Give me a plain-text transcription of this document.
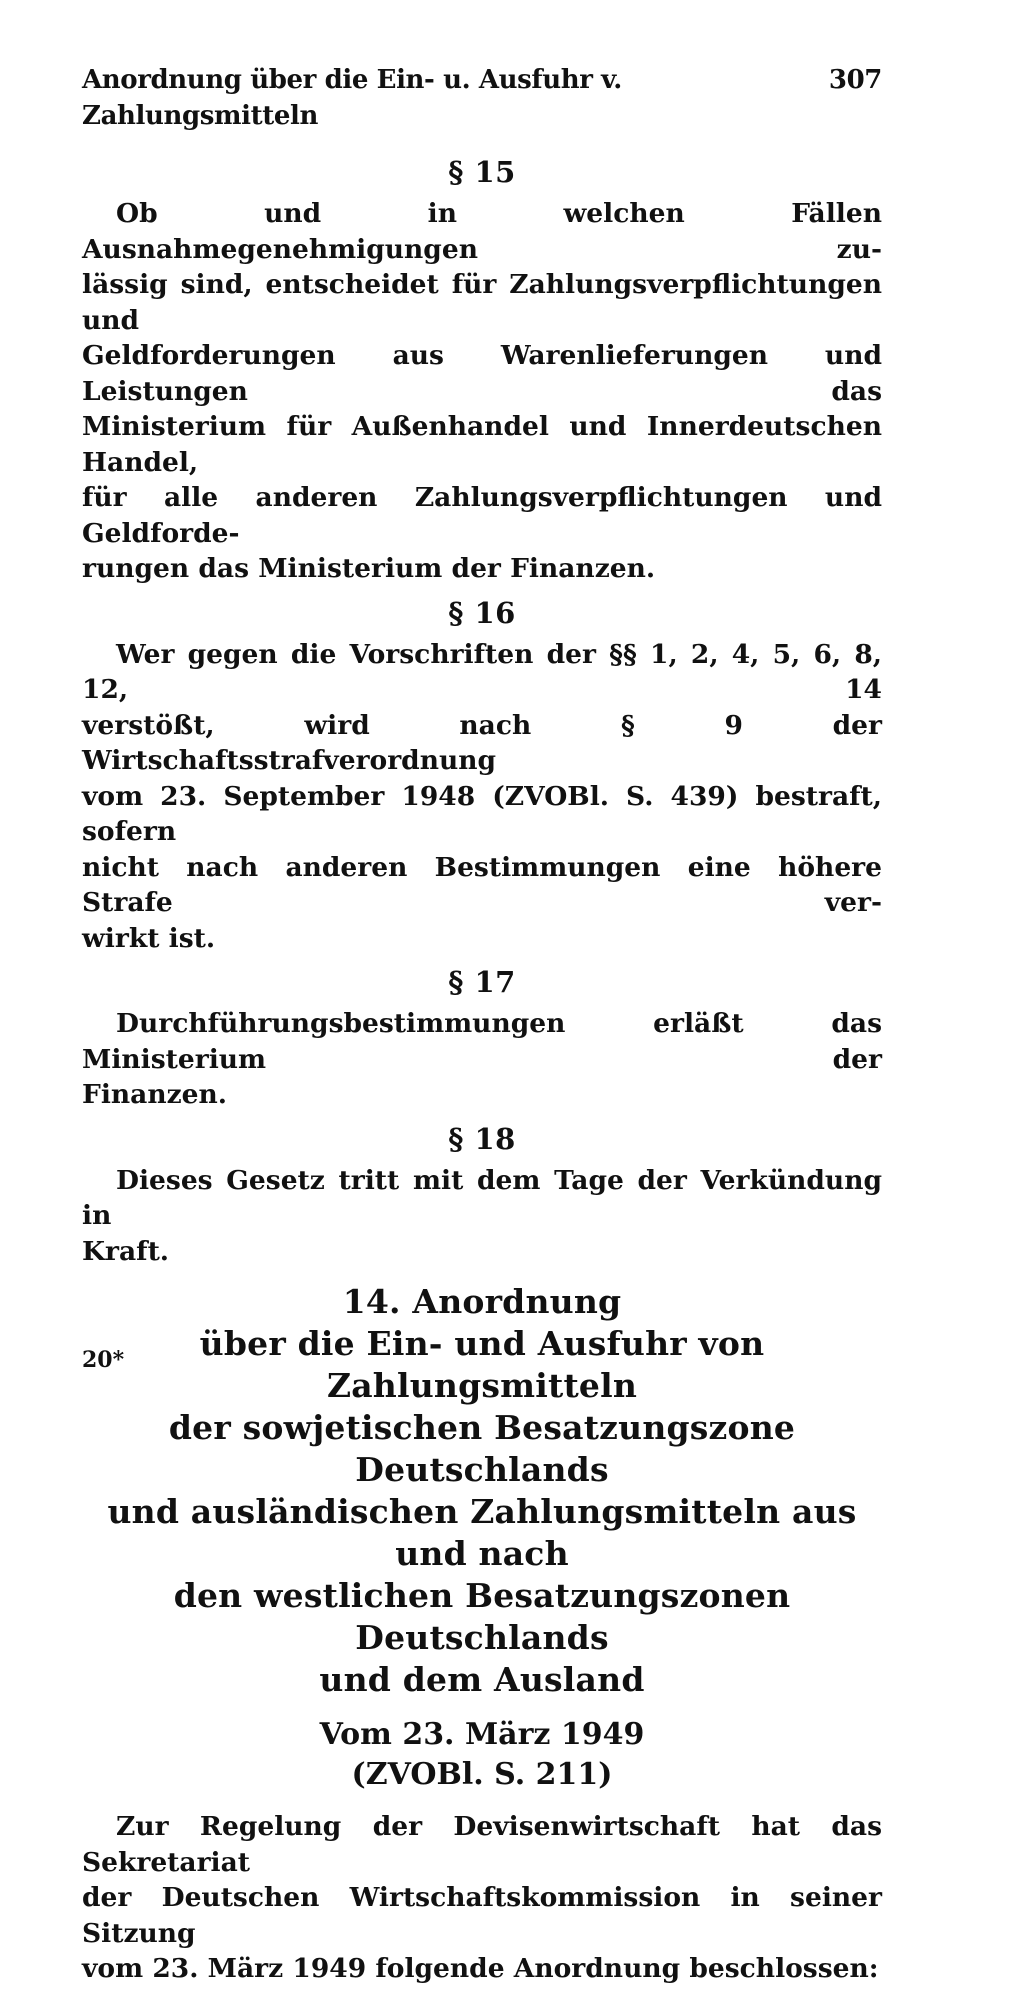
Anordnung über die Ein- u. Ausfuhr v. Zahlungsmitteln
307
§ 15
Ob und in welchen Fällen Ausnahmegenehmigungen zu-
lässig sind, entscheidet für Zahlungsverpflichtungen und
Geldforderungen aus Warenlieferungen und Leistungen das
Ministerium für Außenhandel und Innerdeutschen Handel,
für alle anderen Zahlungsverpflichtungen und Geldforde-
rungen das Ministerium der Finanzen.
§ 16
Wer gegen die Vorschriften der §§ 1, 2, 4, 5, 6, 8, 12, 14
verstößt, wird nach § 9 der Wirtschaftsstrafverordnung
vom 23. September 1948 (ZVOBl. S. 439) bestraft, sofern
nicht nach anderen Bestimmungen eine höhere Strafe ver-
wirkt ist.
§ 17
Durchführungsbestimmungen erläßt das Ministerium der
Finanzen.
§ 18
Dieses Gesetz tritt mit dem Tage der Verkündung in
Kraft.
14. Anordnung
über die Ein- und Ausfuhr von Zahlungsmitteln
der sowjetischen Besatzungszone Deutschlands
und ausländischen Zahlungsmitteln aus und nach
den westlichen Besatzungszonen Deutschlands
und dem Ausland
Vom 23. März 1949
(ZVOBl. S. 211)
Zur Regelung der Devisenwirtschaft hat das Sekretariat
der Deutschen Wirtschaftskommission in seiner Sitzung
vom 23. März 1949 folgende Anordnung beschlossen:
20*
